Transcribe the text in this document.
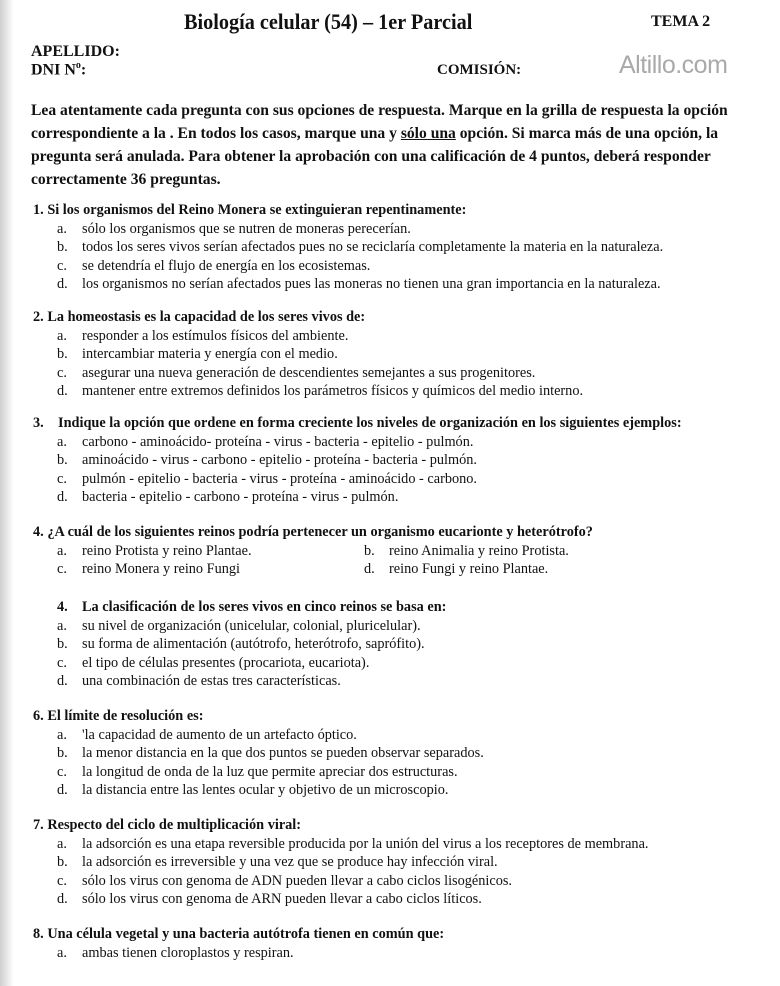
Biología celular (54) – 1er Parcial	TEMA 2
APELLIDO:
DNI $N^o$:	COMISIÓN:	Altillo.com
Lea atentamente cada pregunta con sus opciones de respuesta. Marque en la grilla de respuesta la opción correspondiente a la . En todos los casos, marque una y sólo una opción. Si marca más de una opción, la pregunta será anulada. Para obtener la aprobación con una calificación de 4 puntos, deberá responder correctamente 36 preguntas.
1. Si los organismos del Reino Monera se extinguieran repentinamente:
a.	sólo los organismos que se nutren de moneras perecerían.
b. todos los seres vivos serían afectados pues no se reciclaría completamente la materia en la naturaleza.
c.	se detendría el flujo de energía en los ecosistemas.
d. los organismos no serían afectados pues las moneras no tienen una gran importancia en la naturaleza.
2. La homeostasis es la capacidad de los seres vivos de:
a.	responder a los estímulos físicos del ambiente.
b. intercambiar materia y energía con el medio.
c.	asegurar una nueva generación de descendientes semejantes a sus progenitores.
d. mantener entre extremos definidos los parámetros físicos y químicos del medio interno.
3. Indique la opción que ordene en forma creciente los niveles de organización en los siguientes ejemplos:
a.	carbono - aminoácido- proteína - virus - bacteria - epitelio - pulmón.
b. aminoácido - virus - carbono - epitelio - proteína - bacteria - pulmón.
c.	pulmón - epitelio - bacteria - virus - proteína - aminoácido - carbono.
d. bacteria - epitelio - carbono - proteína - virus - pulmón.
4. ¿A cuál de los siguientes reinos podría pertenecer un organismo eucarionte y heterótrofo?
a.	reino Protista y reino Plantae.	b. reino Animalia y reino Protista.
c.	reino Monera y reino Fungi	d. reino Fungi y reino Plantae.
4. La clasificación de los seres vivos en cinco reinos se basa en:
a.	su nivel de organización (unicelular, colonial, pluricelular).
b. su forma de alimentación (autótrofo, heterótrofo, saprófito).
c.	el tipo de células presentes (procariota, eucariota).
d. una combinación de estas tres características.
6. El límite de resolución es:
a.	'la capacidad de aumento de un artefacto óptico.
b. la menor distancia en la que dos puntos se pueden observar separados.
c.	la longitud de onda de la luz que permite apreciar dos estructuras.
d. la distancia entre las lentes ocular y objetivo de un microscopio.
7. Respecto del ciclo de multiplicación viral:
a.	la adsorción es una etapa reversible producida por la unión del virus a los receptores de membrana.
b. la adsorción es irreversible y una vez que se produce hay infección viral.
c.	sólo los virus con genoma de ADN pueden llevar a cabo ciclos lisogénicos.
d. sólo los virus con genoma de ARN pueden llevar a cabo ciclos líticos.
8. Una célula vegetal y una bacteria autótrofa tienen en común que:
a.	ambas tienen cloroplastos y respiran.
